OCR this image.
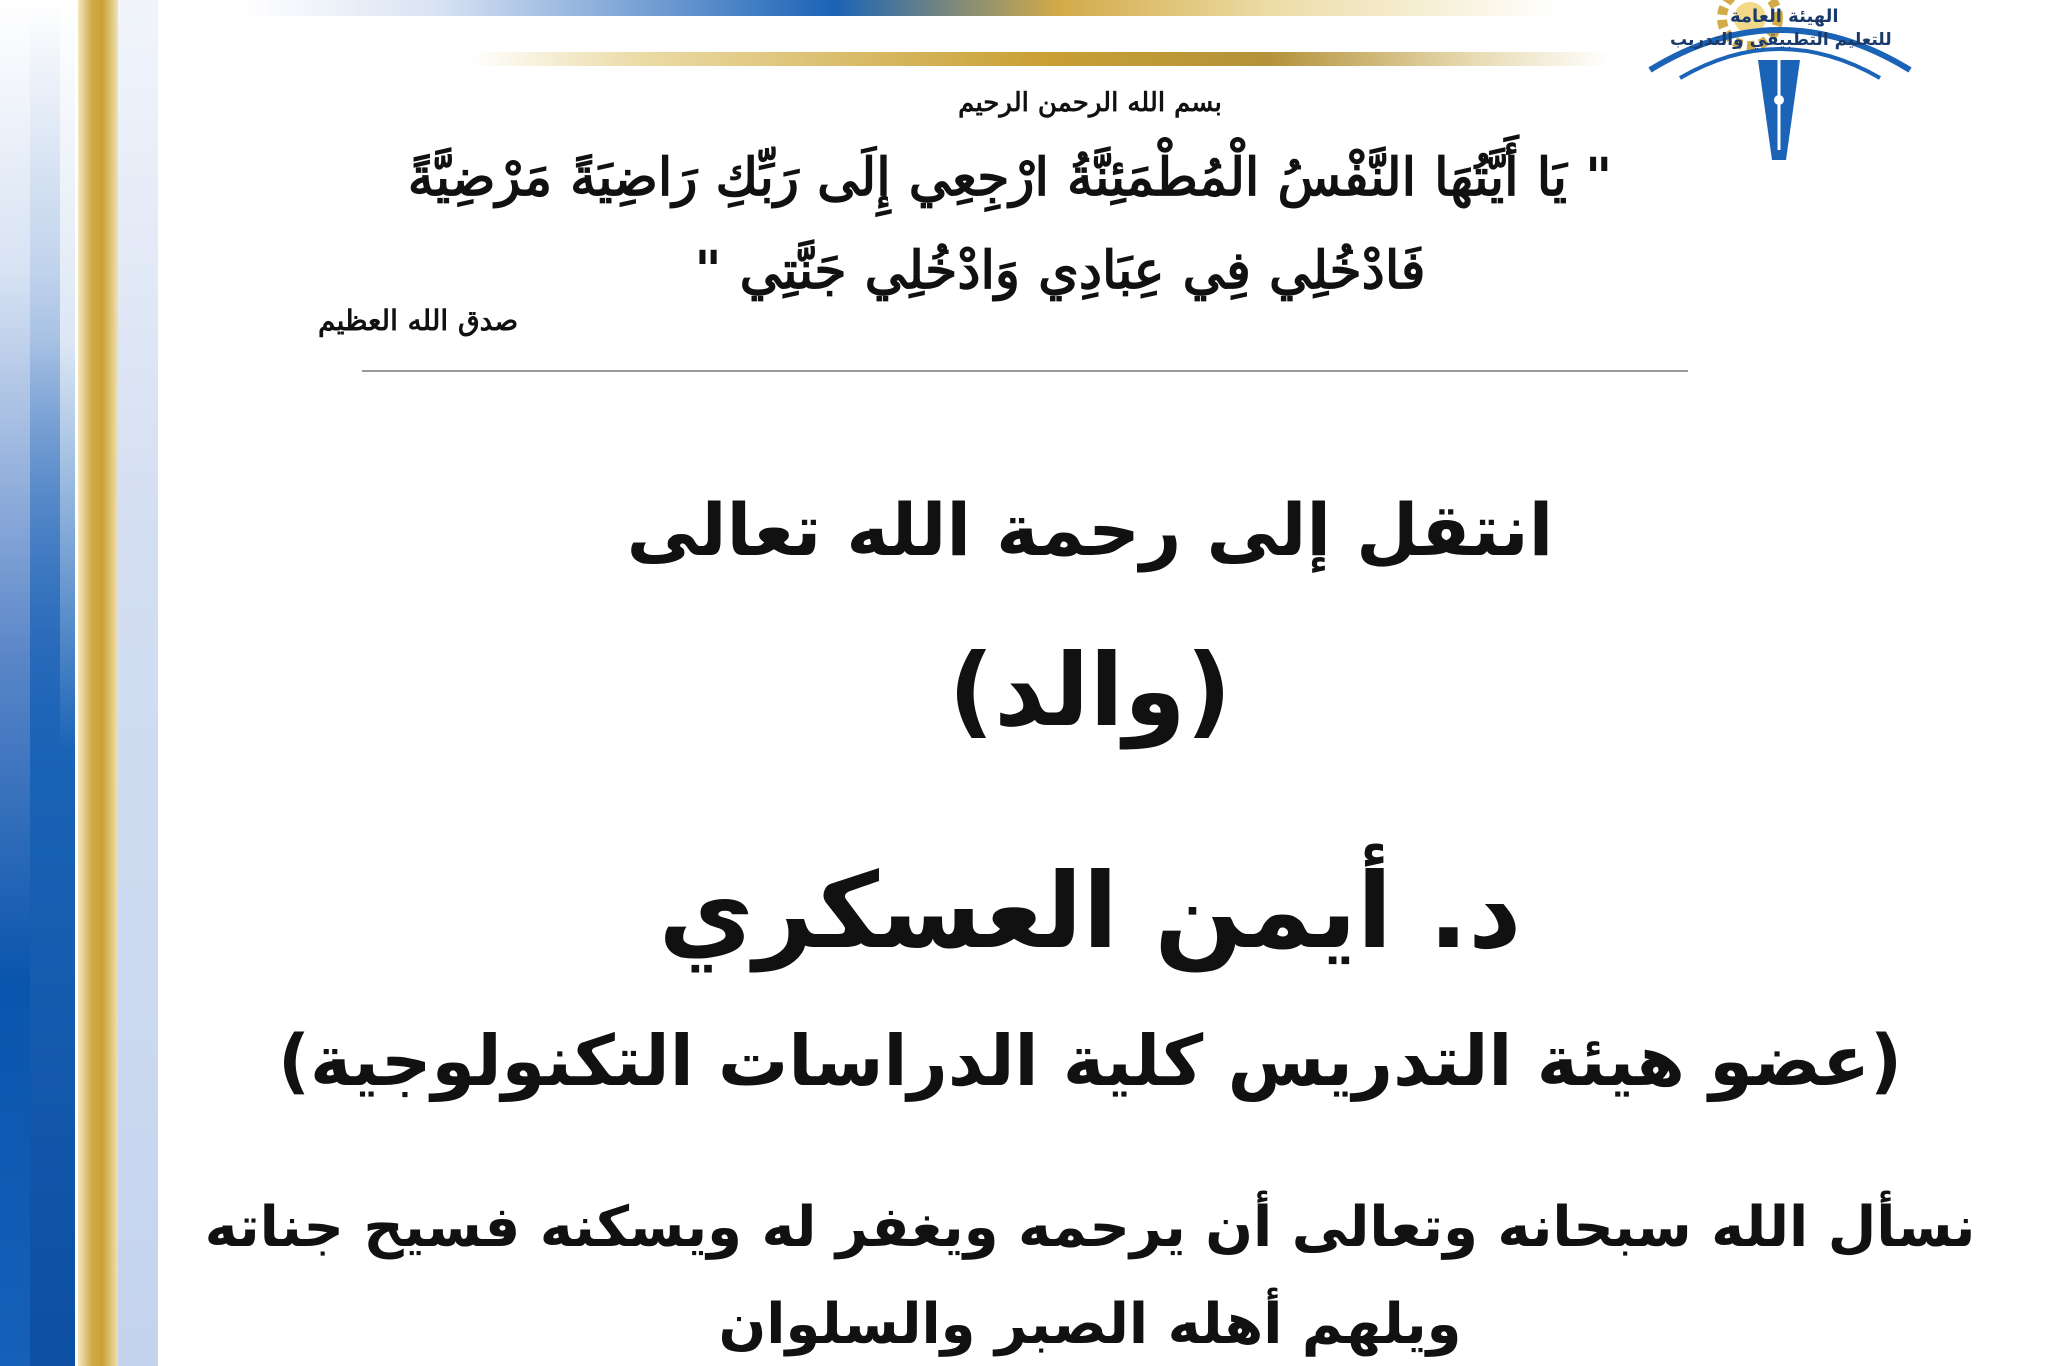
الهيئة العامة
للتعليم التطبيقي والتدريب
بسم الله الرحمن الرحيم
" يَا أَيَّتُهَا النَّفْسُ الْمُطْمَئِنَّةُ ارْجِعِي إِلَى رَبِّكِ رَاضِيَةً مَرْضِيَّةً
فَادْخُلِي فِي عِبَادِي وَادْخُلِي جَنَّتِي "
صدق الله العظيم
انتقل إلى رحمة الله تعالى
(والد)
د. أيمن العسكري
(عضو هيئة التدريس كلية الدراسات التكنولوجية)
نسأل الله سبحانه وتعالى أن يرحمه ويغفر له ويسكنه فسيح جناته
ويلهم أهله الصبر والسلوان
